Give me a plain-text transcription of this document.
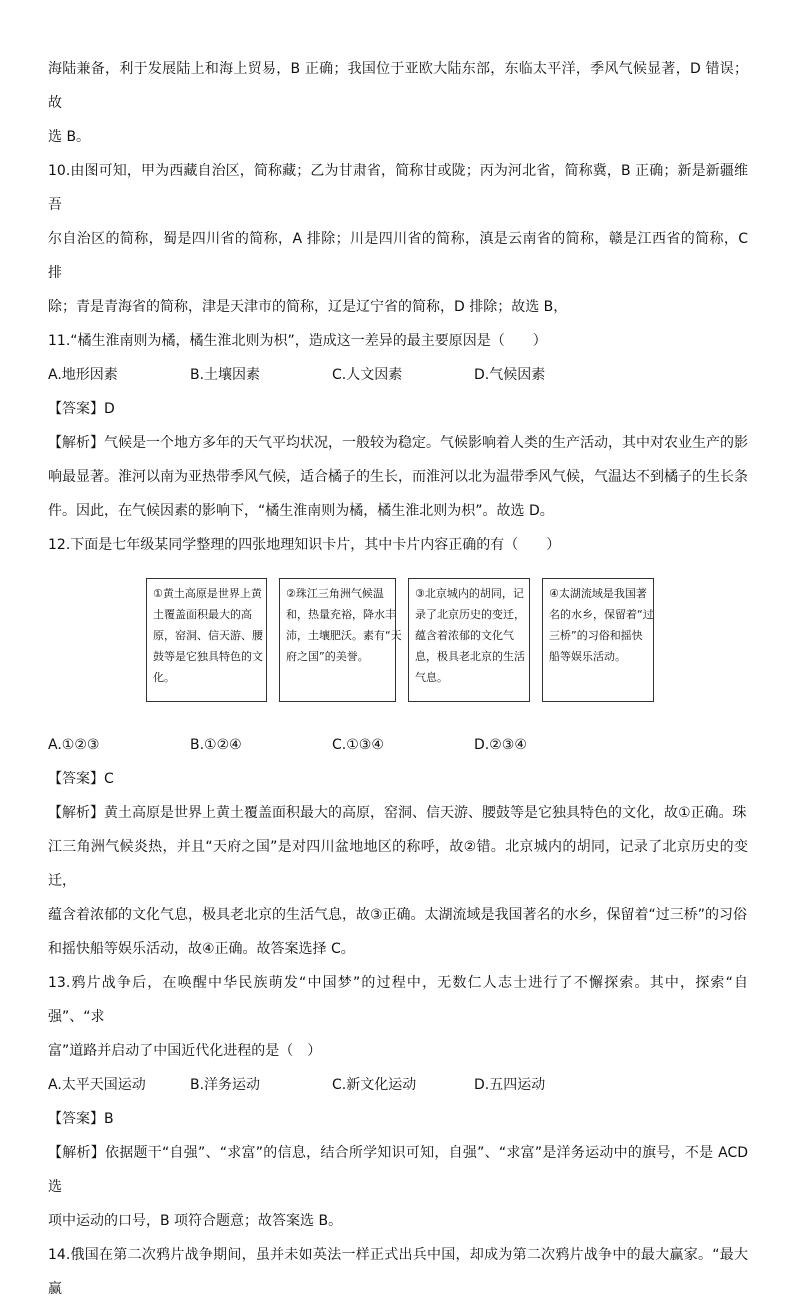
海陆兼备，利于发展陆上和海上贸易，B 正确；我国位于亚欧大陆东部，东临太平洋，季风气候显著，D 错误；故

选 B。

10.由图可知，甲为西藏自治区，简称藏；乙为甘肃省，简称甘或陇；丙为河北省，简称冀，B 正确；新是新疆维吾

尔自治区的简称，蜀是四川省的简称，A 排除；川是四川省的简称，滇是云南省的简称，赣是江西省的简称，C 排

除；青是青海省的简称，津是天津市的简称，辽是辽宁省的简称，D 排除；故选 B，

11.“橘生淮南则为橘，橘生淮北则为枳”，造成这一差异的最主要原因是（　　）

A.地形因素	B.土壤因素	C.人文因素	D.气候因素

【答案】D

【解析】气候是一个地方多年的天气平均状况，一般较为稳定。气候影响着人类的生产活动，其中对农业生产的影

响最显著。淮河以南为亚热带季风气候，适合橘子的生长，而淮河以北为温带季风气候，气温达不到橘子的生长条

件。因此，在气候因素的影响下，“橘生淮南则为橘，橘生淮北则为枳”。故选 D。

12.下面是七年级某同学整理的四张地理知识卡片，其中卡片内容正确的有（　　）

①黄土高原是世界上黄
土覆盖面积最大的高
原，窑洞、信天游、腰
鼓等是它独具特色的文
化。
②珠江三角洲气候温
和，热量充裕，降水丰
沛，土壤肥沃。素有“天
府之国”的美誉。
③北京城内的胡同，记
录了北京历史的变迁，
蕴含着浓郁的文化气
息，极具老北京的生活
气息。
④太湖流域是我国著
名的水乡，保留着“过
三桥”的习俗和摇快
船等娱乐活动。
A.①②③	B.①②④	C.①③④	D.②③④

【答案】C

【解析】黄土高原是世界上黄土覆盖面积最大的高原，窑洞、信天游、腰鼓等是它独具特色的文化，故①正确。珠

江三角洲气候炎热，并且“天府之国”是对四川盆地地区的称呼，故②错。北京城内的胡同，记录了北京历史的变迁，

蕴含着浓郁的文化气息，极具老北京的生活气息，故③正确。太湖流域是我国著名的水乡，保留着“过三桥”的习俗

和摇快船等娱乐活动，故④正确。故答案选择 C。

13.鸦片战争后，在唤醒中华民族萌发“中国梦”的过程中，无数仁人志士进行了不懈探索。其中，探索“自强”、“求

富”道路并启动了中国近代化进程的是（　）

A.太平天国运动	B.洋务运动	C.新文化运动	D.五四运动

【答案】B

【解析】依据题干“自强”、“求富”的信息，结合所学知识可知，自强”、“求富”是洋务运动中的旗号，不是 ACD 选

项中运动的口号，B 项符合题意；故答案选 B。

14.俄国在第二次鸦片战争期间，虽并未如英法一样正式出兵中国，却成为第二次鸦片战争中的最大赢家。“最大赢
